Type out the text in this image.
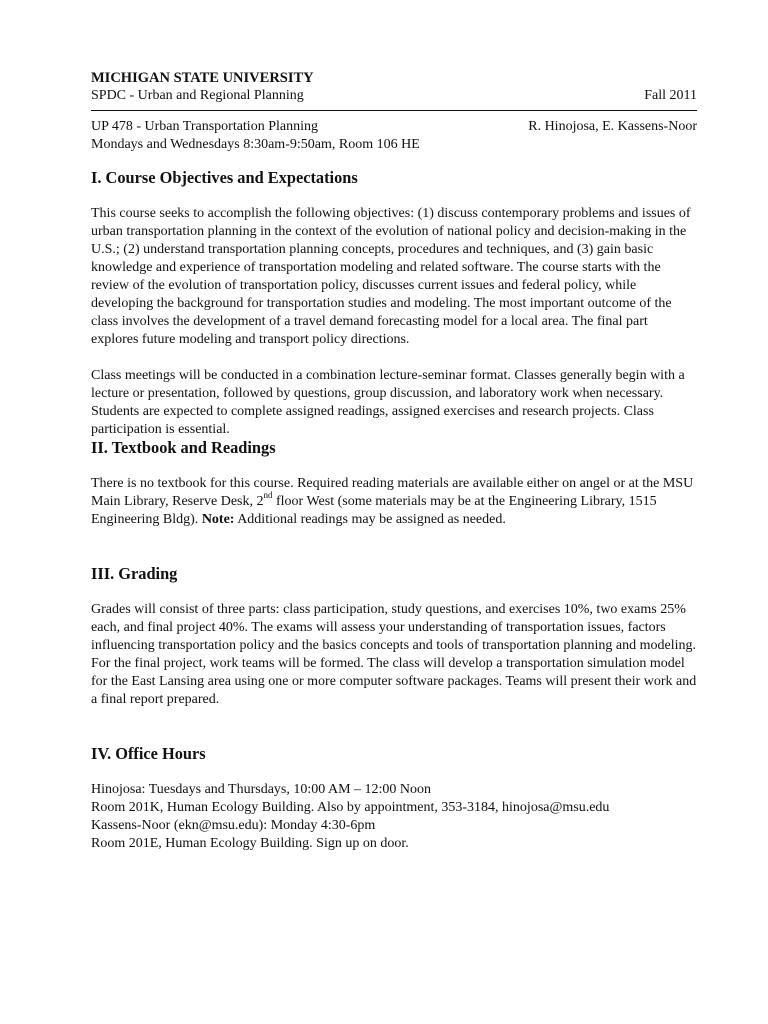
MICHIGAN STATE UNIVERSITY
SPDC - Urban and Regional Planning	Fall 2011
UP 478 - Urban Transportation Planning	R. Hinojosa, E. Kassens-Noor
Mondays and Wednesdays 8:30am-9:50am, Room 106 HE
I. Course Objectives and Expectations

This course seeks to accomplish the following objectives: (1) discuss contemporary problems and issues of urban transportation planning in the context of the evolution of national policy and decision-making in the U.S.; (2) understand transportation planning concepts, procedures and techniques, and (3) gain basic knowledge and experience of transportation modeling and related software. The course starts with the review of the evolution of transportation policy, discusses current issues and federal policy, while developing the background for transportation studies and modeling. The most important outcome of the class involves the development of a travel demand forecasting model for a local area. The final part explores future modeling and transport policy directions.

Class meetings will be conducted in a combination lecture-seminar format. Classes generally begin with a lecture or presentation, followed by questions, group discussion, and laboratory work when necessary. Students are expected to complete assigned readings, assigned exercises and research projects. Class participation is essential.

II. Textbook and Readings

There is no textbook for this course. Required reading materials are available either on angel or at the MSU Main Library, Reserve Desk, 2nd floor West (some materials may be at the Engineering Library, 1515 Engineering Bldg). Note: Additional readings may be assigned as needed.

III. Grading

Grades will consist of three parts: class participation, study questions, and exercises 10%, two exams 25% each, and final project 40%. The exams will assess your understanding of transportation issues, factors influencing transportation policy and the basics concepts and tools of transportation planning and modeling. For the final project, work teams will be formed. The class will develop a transportation simulation model for the East Lansing area using one or more computer software packages. Teams will present their work and a final report prepared.

IV. Office Hours
Hinojosa: Tuesdays and Thursdays, 10:00 AM – 12:00 Noon
Room 201K, Human Ecology Building. Also by appointment, 353-3184, hinojosa@msu.edu
Kassens-Noor (ekn@msu.edu): Monday 4:30-6pm
Room 201E, Human Ecology Building. Sign up on door.
